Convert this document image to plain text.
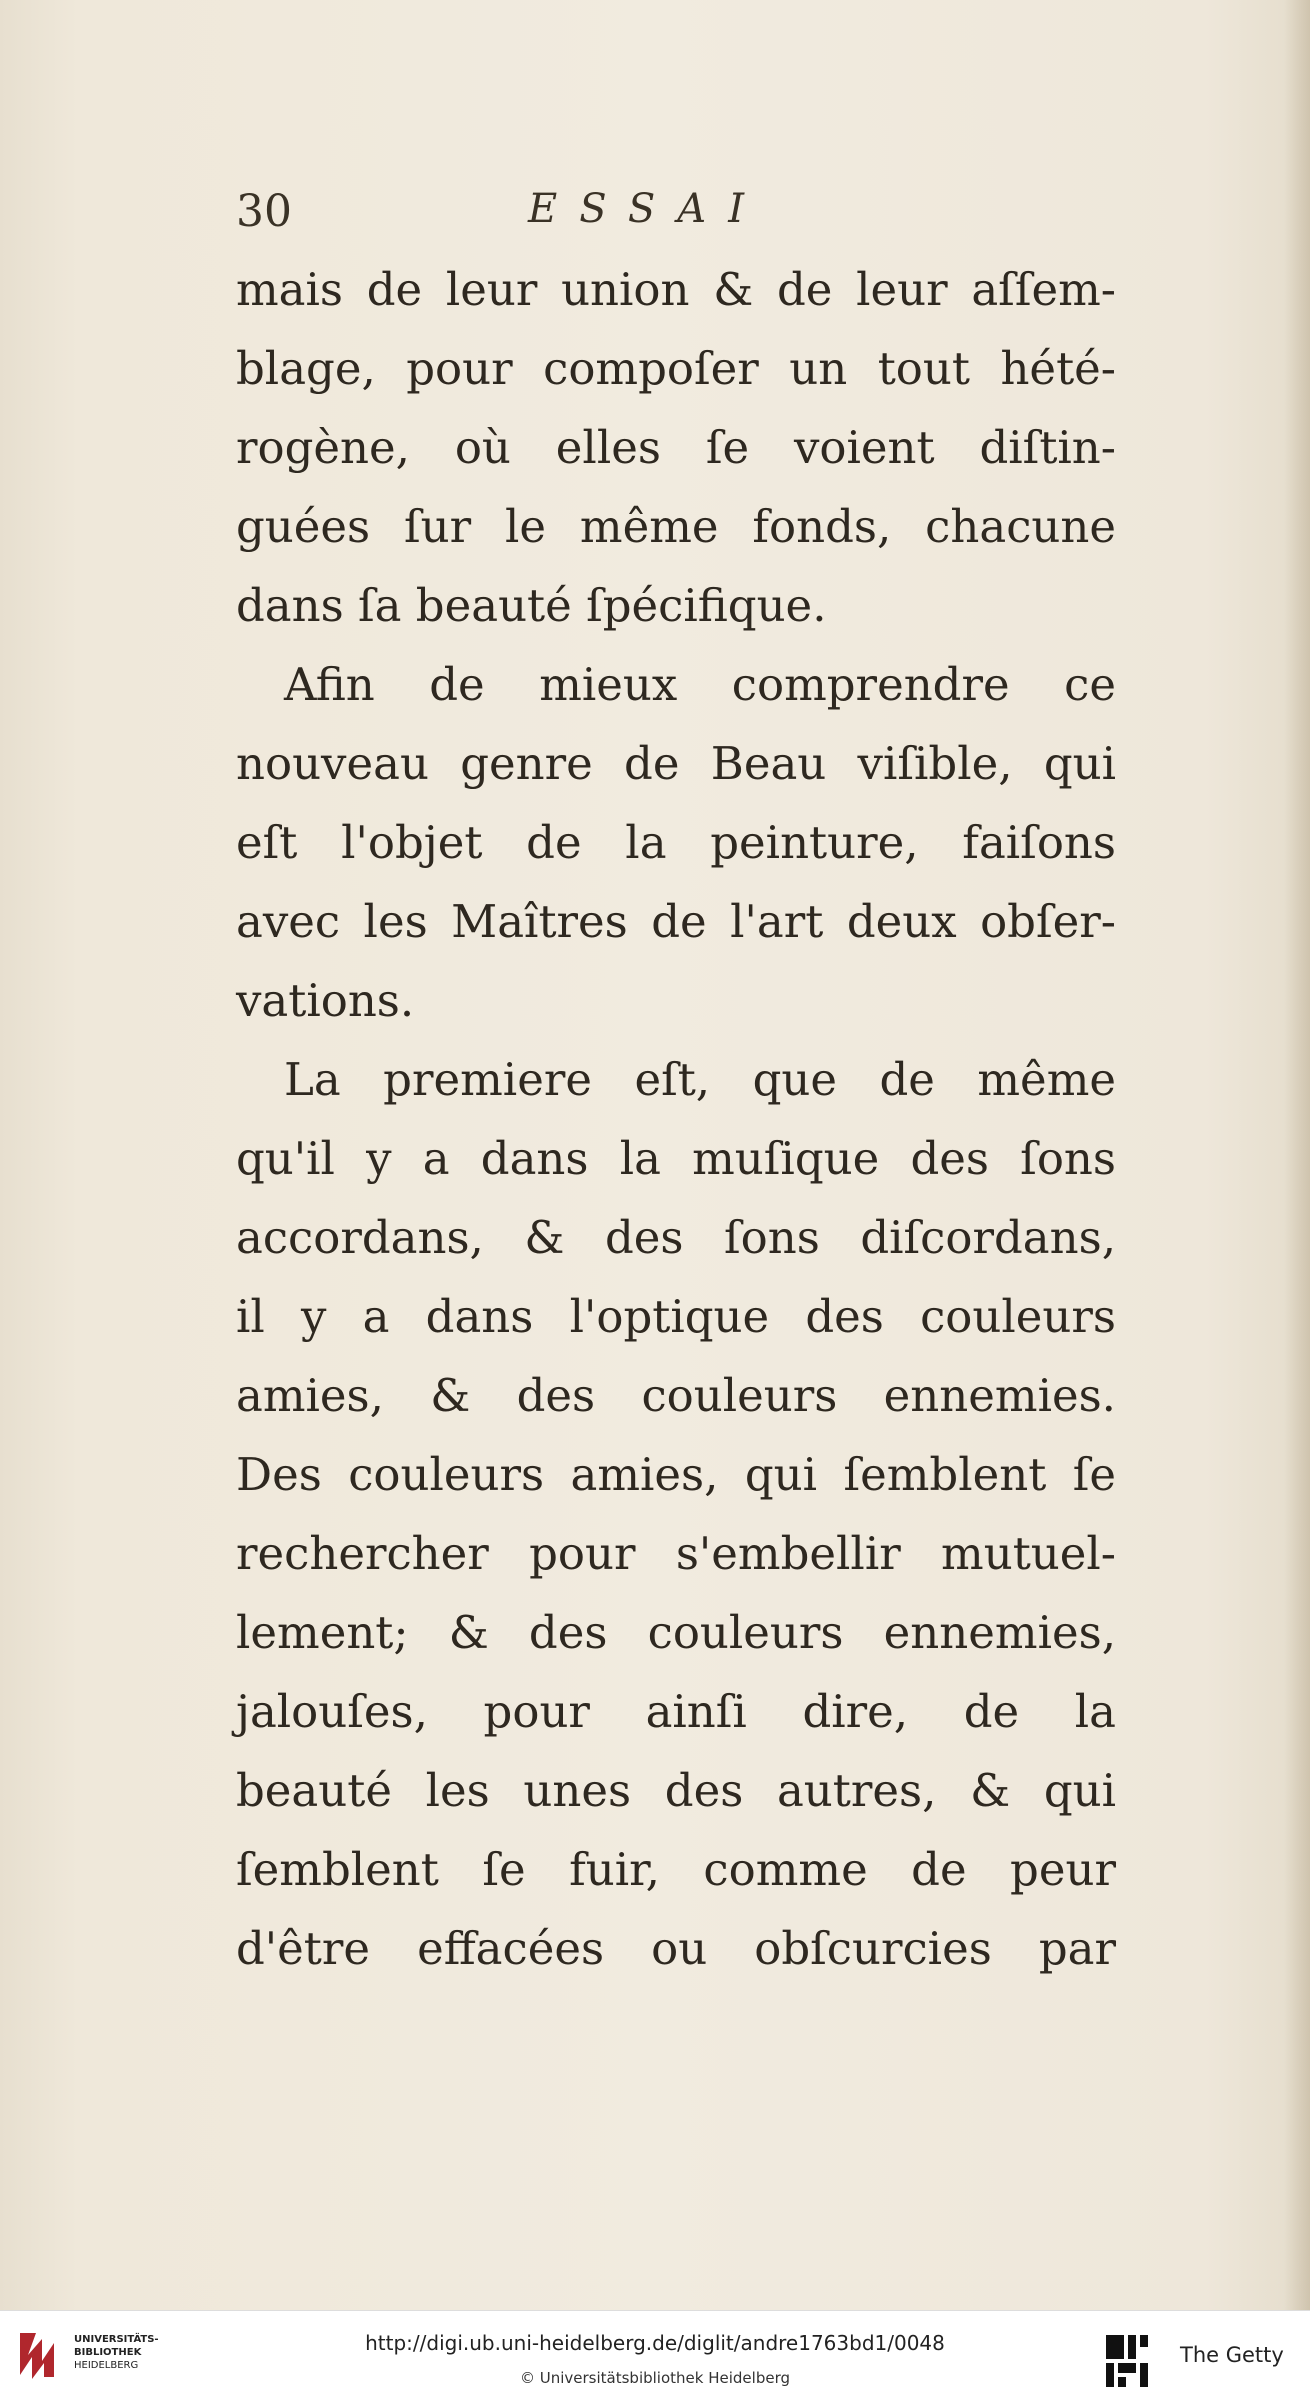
30	ESSAI
mais de leur union & de leur aſſem-
blage, pour compoſer un tout hété-
rogène, où elles ſe voient diſtin-
guées ſur le même fonds, chacune
dans ſa beauté ſpécifique.
Afin de mieux comprendre ce
nouveau genre de Beau viſible, qui
eſt l'objet de la peinture, faiſons
avec les Maîtres de l'art deux obſer-
vations.
La premiere eſt, que de même
qu'il y a dans la muſique des ſons
accordans, & des ſons diſcordans,
il y a dans l'optique des couleurs
amies, & des couleurs ennemies.
Des couleurs amies, qui ſemblent ſe
rechercher pour s'embellir mutuel-
lement; & des couleurs ennemies,
jalouſes, pour ainſi dire, de la
beauté les unes des autres, & qui
ſemblent ſe fuir, comme de peur
d'être effacées ou obſcurcies par
UNIVERSITÄTS-
BIBLIOTHEK
HEIDELBERG
http://digi.ub.uni-heidelberg.de/diglit/andre1763bd1/0048
© Universitätsbibliothek Heidelberg
The Getty
